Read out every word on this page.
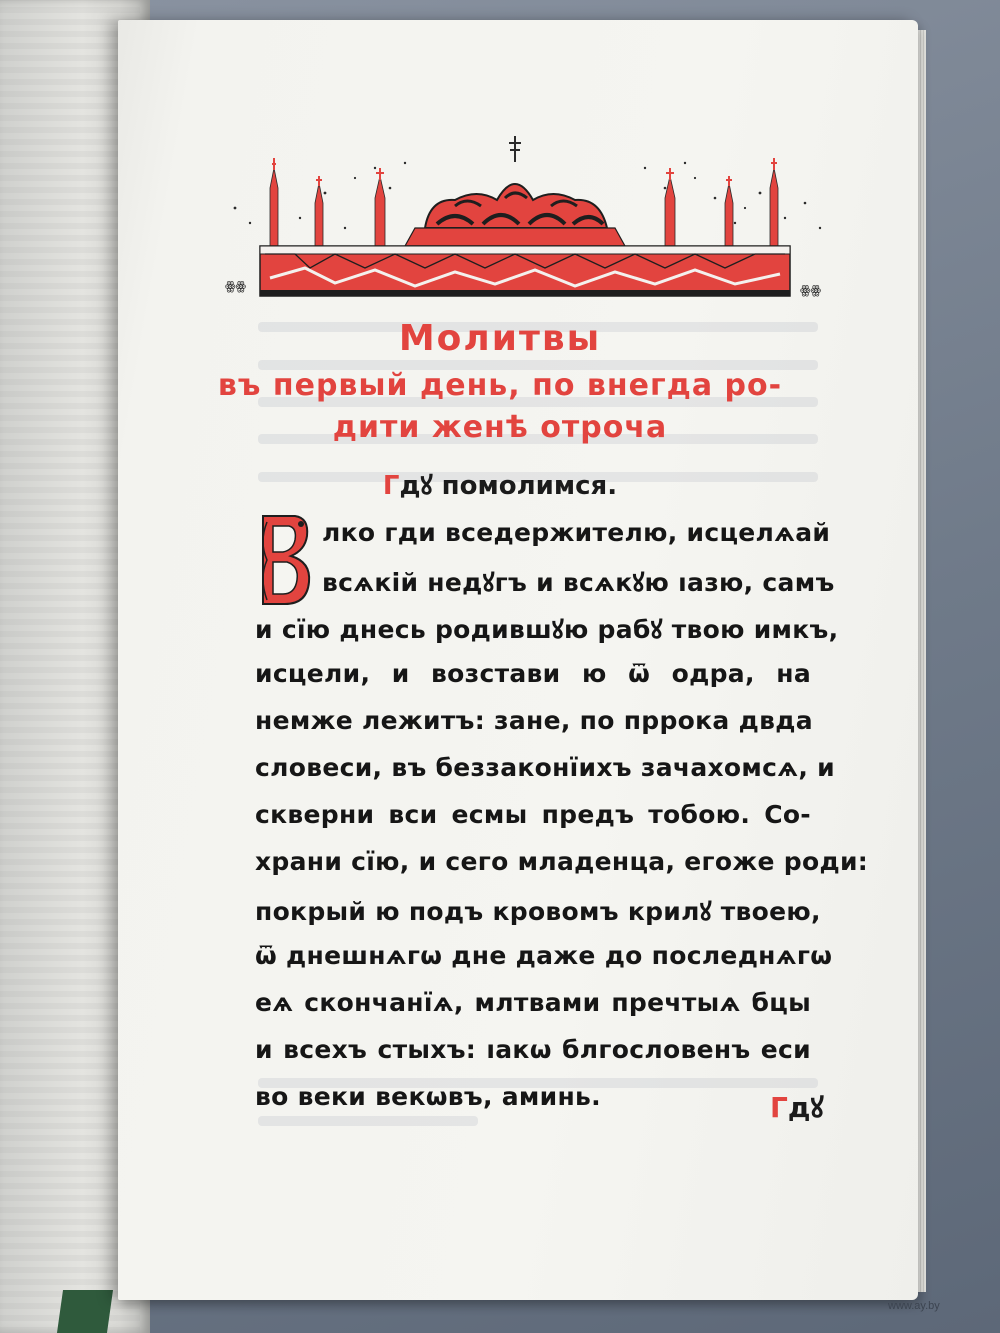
ꙮꙮ	ꙮꙮ
Молитвы
въ первый день, по внегда ро-
дити женѣ отроча
Гдꙋ помолимся.
лко гди вседержителю, исцелѧай
всѧкій недꙋгъ и всѧкꙋю ıазю, самъ
и сїю днесь родившꙋю рабꙋ твою имкъ,
исцели, и возстави ю ѿ одра, на
немже лежитъ: зане, по пррока двда
словеси, въ беззаконїихъ зачахомсѧ, и
скверни вси есмы предъ тобою. Со-
храни сїю, и сего младенца, егоже роди:
покрый ю подъ кровомъ крилꙋ твоею,
ѿ днешнѧгѡ дне даже до последнѧгѡ
еѧ скончанїѧ, млтвами пречтыѧ бцы
и всехъ стыхъ: ıакѡ блгословенъ еси
во веки векѡвъ, аминь.	Гдꙋ
www.ay.by
